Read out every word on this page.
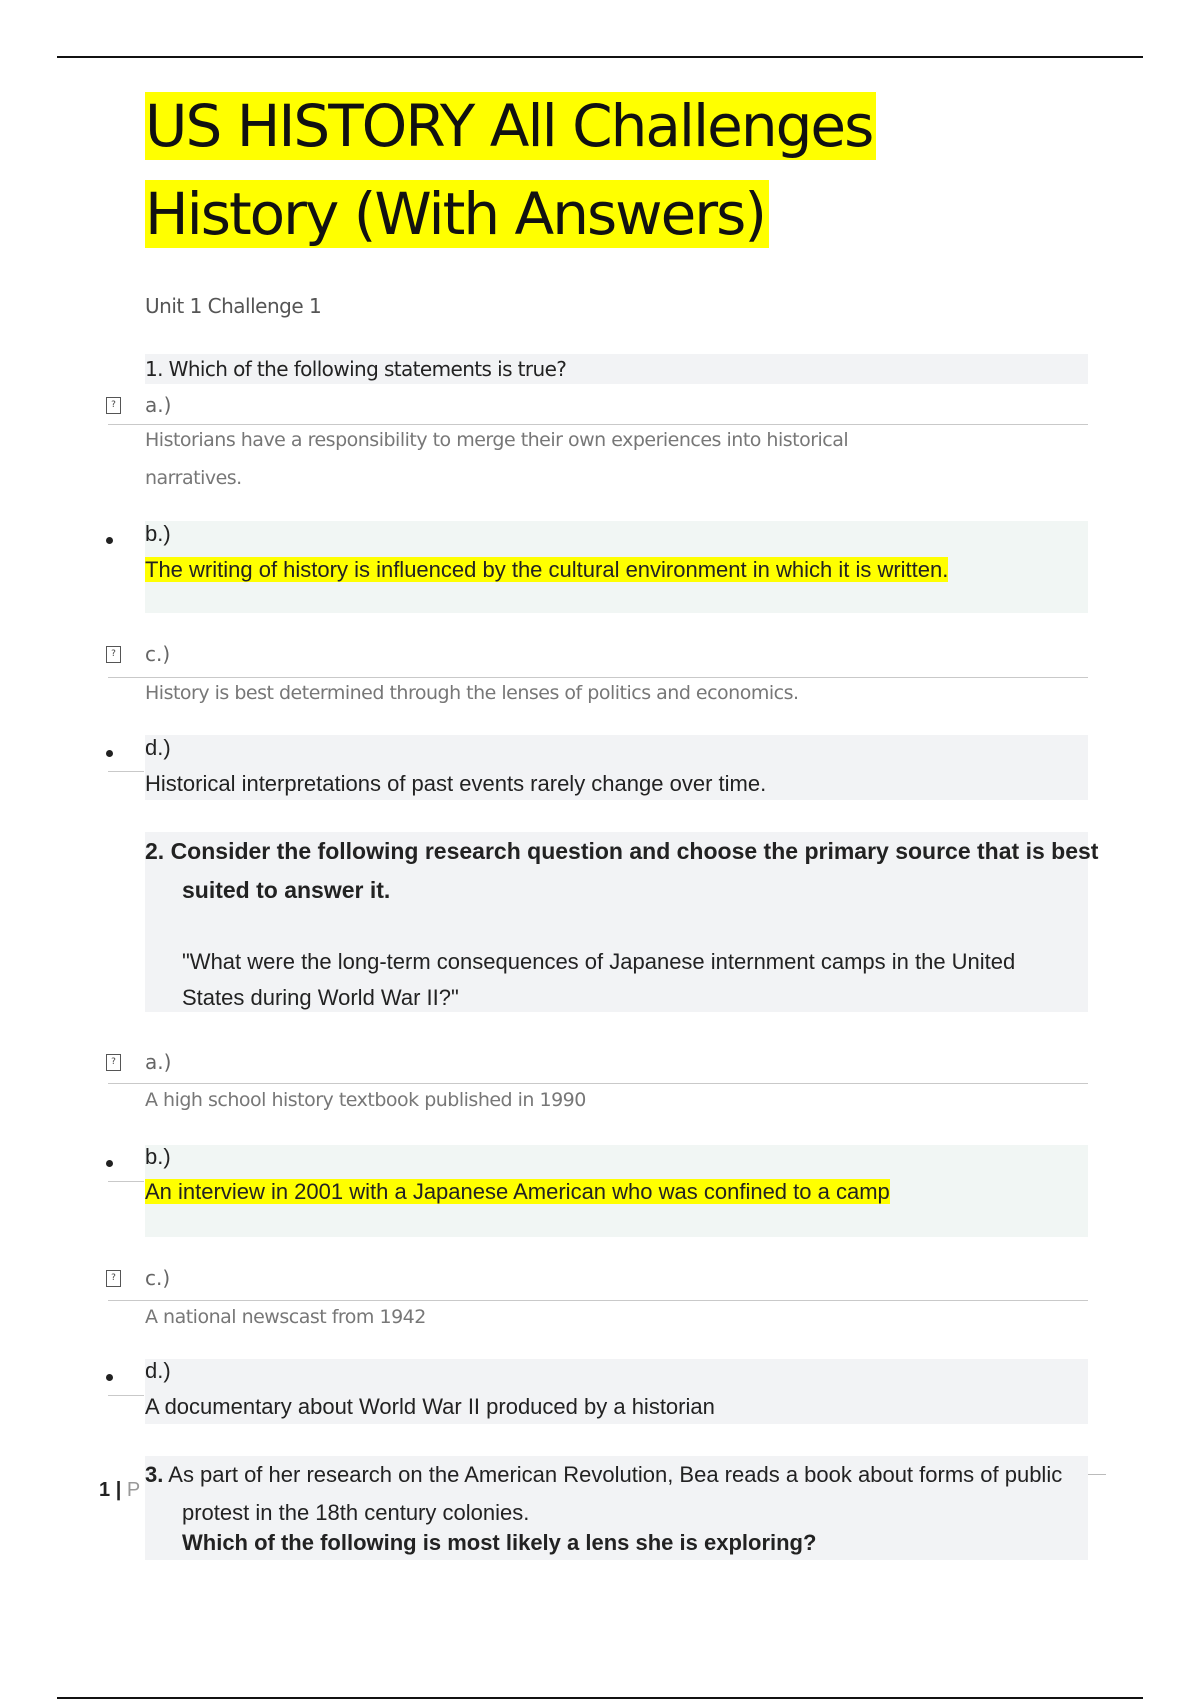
US HISTORY All Challenges
History (With Answers)
Unit 1 Challenge 1
1. Which of the following statements is true?
? a.)
Historians have a responsibility to merge their own experiences into historical
narratives.
b.)
The writing of history is influenced by the cultural environment in which it is written.
? c.)
History is best determined through the lenses of politics and economics.
d.)
Historical interpretations of past events rarely change over time.
2. Consider the following research question and choose the primary source that is best suited to answer it.
"What were the long-term consequences of Japanese internment camps in the United States during World War II?"
? a.)
A high school history textbook published in 1990
b.)
An interview in 2001 with a Japanese American who was confined to a camp
? c.)
A national newscast from 1942
d.)
A documentary about World War II produced by a historian
3. As part of her research on the American Revolution, Bea reads a book about forms of public protest in the 18th century colonies.
Which of the following is most likely a lens she is exploring?
1 | P
